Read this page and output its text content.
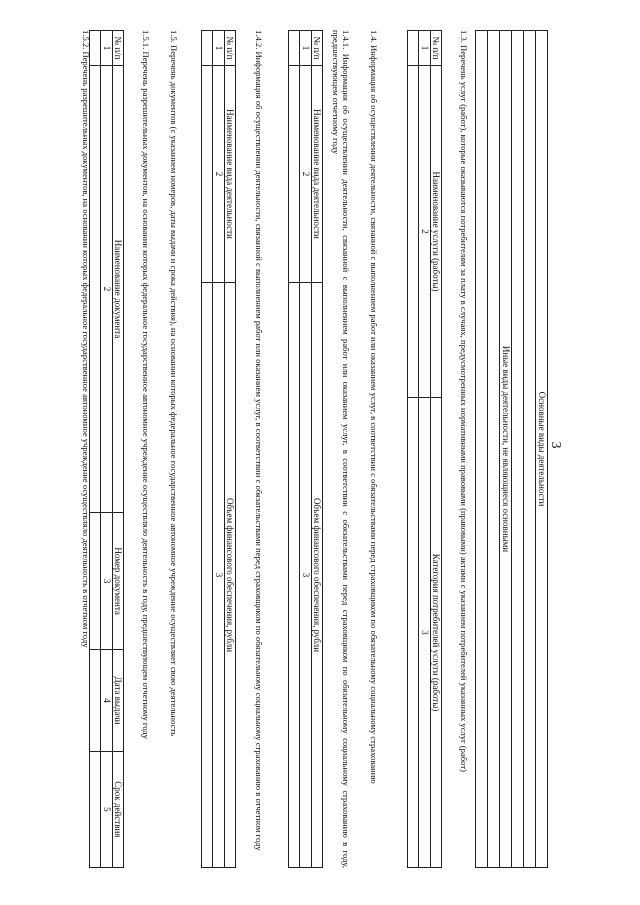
3
Основные виды деятельности

Иные виды деятельности, не являющиеся основными

1.3. Перечень услуг (работ), которые оказываются потребителям за плату в случаях, предусмотренных нормативными правовыми (правовыми) актами с указанием потребителей указанных услуг (работ)
№ п/п	Наименование услуги (работы)	Категория потребителей услуги (работы)
1	2	3

1.4. Информация об осуществлении деятельности, связанной с выполнением работ или оказанием услуг, в соответствии с обязательствами перед страховщиком по обязательному социальному страхованию
1.4.1. Информация об осуществлении деятельности, связанной с выполнением работ или оказанием услуг, в соответствии с обязательствами перед страховщиком по обязательному социальному страхованию в году, предшествующем отчетному году
№ п/п	Наименование вида деятельности	Объем финансового обеспечения, рубли
1	2	3

1.4.2. Информация об осуществлении деятельности, связанной с выполнением работ или оказанием услуг, в соответствии с обязательствами перед страховщиком по обязательному социальному страхованию в отчетном году
№ п/п	Наименование вида деятельности	Объем финансового обеспечения, рубли
1	2	3

1.5. Перечень документов (с указанием номеров, даты выдачи и срока действия), на основании которых федеральное государственное автономное учреждение осуществляет свою деятельность
1.5.1. Перечень разрешительных документов, на основании которых федеральное государственное автономное учреждение осуществляло деятельность в году, предшествующем отчетному году
№ п/п	Наименование документа	Номер документа	Дата выдачи	Срок действия
1	2	3	4	5

1.5.2. Перечень разрешительных документов, на основании которых федеральное государственное автономное учреждение осуществляло деятельность в отчетном году
